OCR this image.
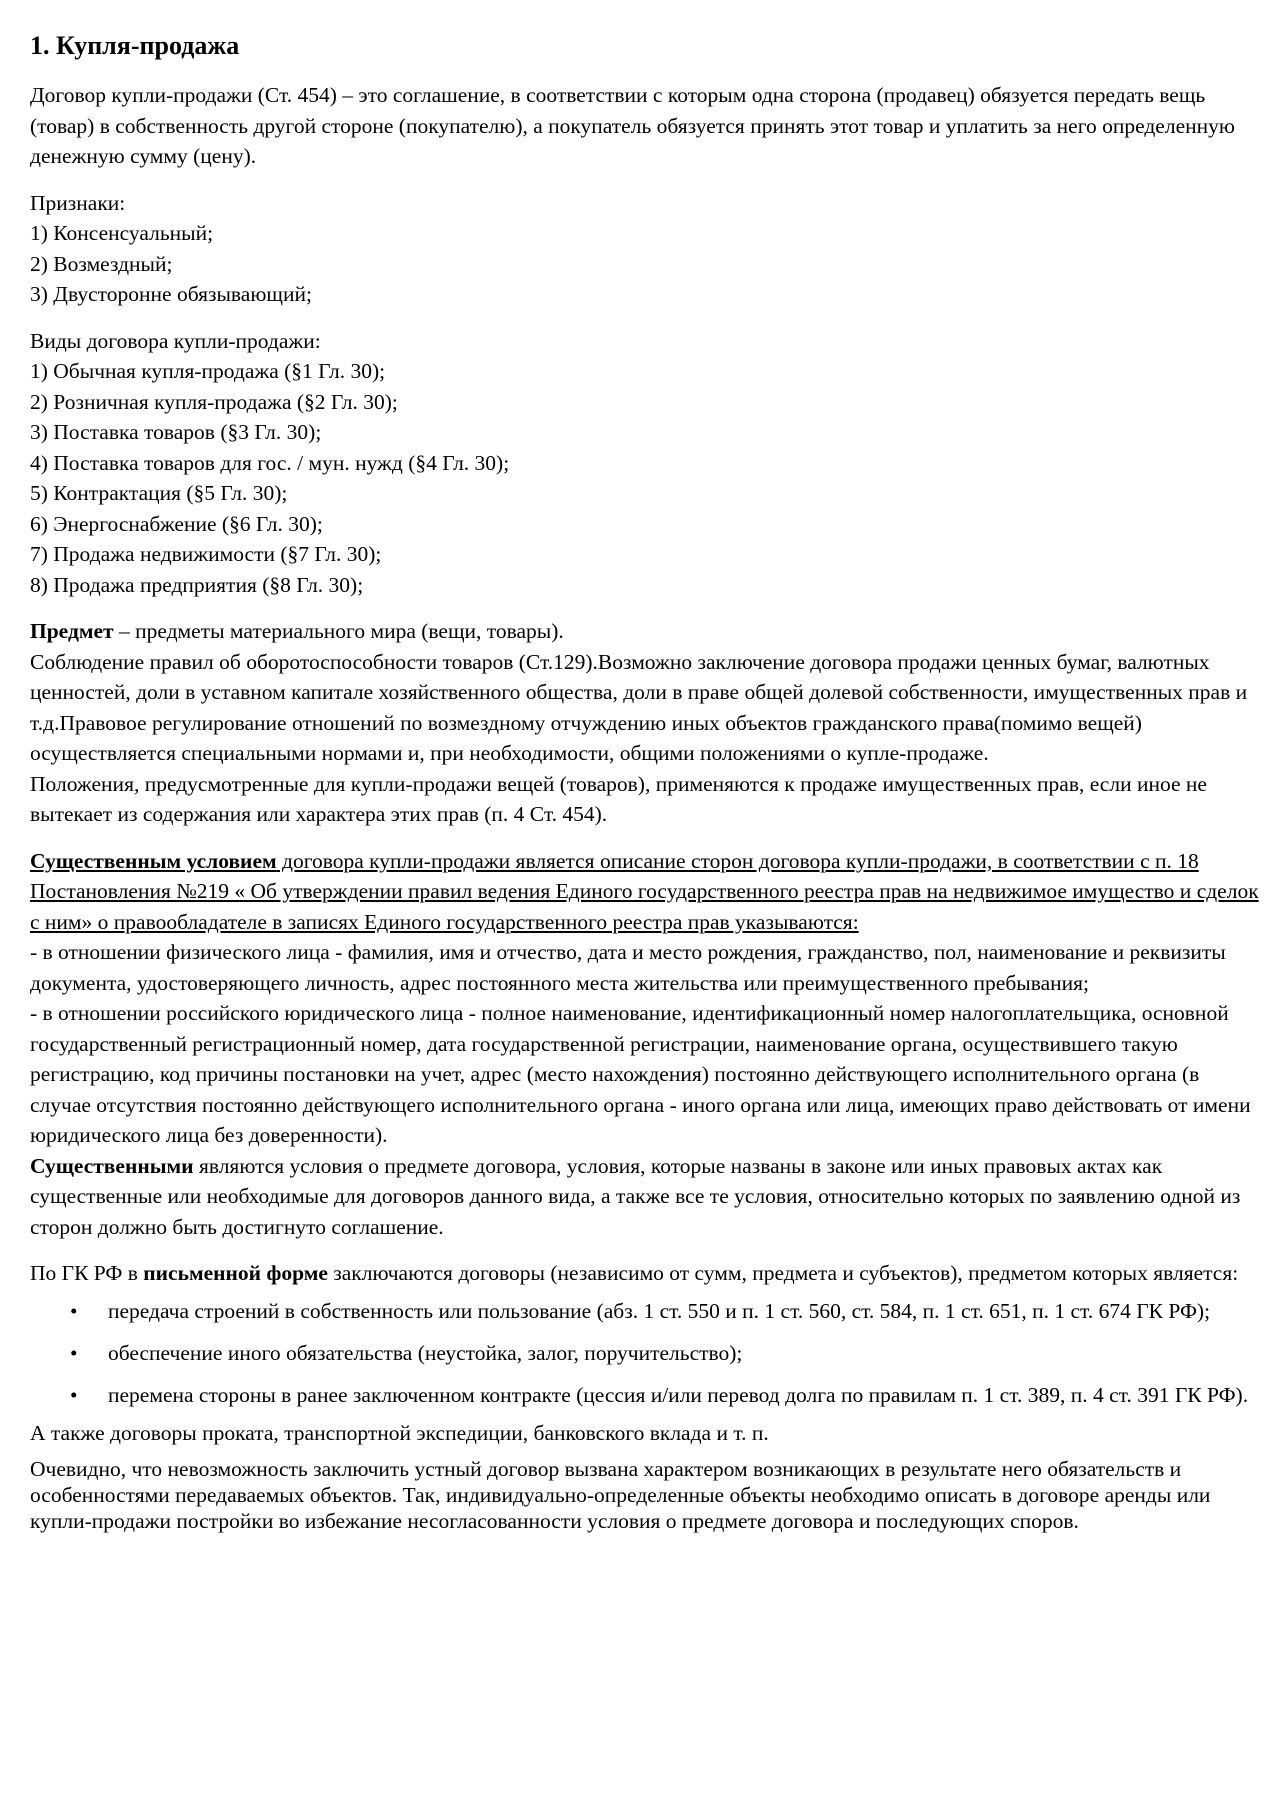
1. Купля-продажа

Договор купли-продажи (Ст. 454) – это соглашение, в соответствии с которым одна сторона (продавец) обязуется передать вещь (товар) в собственность другой стороне (покупателю), а покупатель обязуется принять этот товар и уплатить за него определенную денежную сумму (цену).

Признаки:
1) Консенсуальный;
2) Возмездный;
3) Двусторонне обязывающий;
Виды договора купли-продажи:
1) Обычная купля-продажа (§1 Гл. 30);
2) Розничная купля-продажа (§2 Гл. 30);
3) Поставка товаров (§3 Гл. 30);
4) Поставка товаров для гос. / мун. нужд (§4 Гл. 30);
5) Контрактация (§5 Гл. 30);
6) Энергоснабжение (§6 Гл. 30);
7) Продажа недвижимости (§7 Гл. 30);
8) Продажа предприятия (§8 Гл. 30);

Предмет – предметы материального мира (вещи, товары).

Соблюдение правил об оборотоспособности товаров (Ст.129).Возможно заключение договора продажи ценных бумаг, валютных ценностей, доли в уставном капитале хозяйственного общества, доли в праве общей долевой собственности, имущественных прав и т.д.Правовое регулирование отношений по возмездному отчуждению иных объектов гражданского права(помимо вещей) осуществляется специальными нормами и, при необходимости, общими положениями о купле-продаже.

Положения, предусмотренные для купли-продажи вещей (товаров), применяются к продаже имущественных прав, если иное не вытекает из содержания или характера этих прав (п. 4 Ст. 454).

Существенным условием договора купли-продажи является описание сторон договора купли-продажи, в соответствии с п. 18 Постановления №219 « Об утверждении правил ведения Единого государственного реестра прав на недвижимое имущество и сделок с ним» о правообладателе в записях Единого государственного реестра прав указываются:

- в отношении физического лица - фамилия, имя и отчество, дата и место рождения, гражданство, пол, наименование и реквизиты документа, удостоверяющего личность, адрес постоянного места жительства или преимущественного пребывания;

- в отношении российского юридического лица - полное наименование, идентификационный номер налогоплательщика, основной государственный регистрационный номер, дата государственной регистрации, наименование органа, осуществившего такую регистрацию, код причины постановки на учет, адрес (место нахождения) постоянно действующего исполнительного органа (в случае отсутствия постоянно действующего исполнительного органа - иного органа или лица, имеющих право действовать от имени юридического лица без доверенности).

Существенными являются условия о предмете договора, условия, которые названы в законе или иных правовых актах как существенные или необходимые для договоров данного вида, а также все те условия, относительно которых по заявлению одной из сторон должно быть достигнуто соглашение.

По ГК РФ в письменной форме заключаются договоры (независимо от сумм, предмета и субъектов), предметом которых является:

• передача строений в собственность или пользование (абз. 1 ст. 550 и п. 1 ст. 560, ст. 584, п. 1 ст. 651, п. 1 ст. 674 ГК РФ);
• обеспечение иного обязательства (неустойка, залог, поручительство);
• перемена стороны в ранее заключенном контракте (цессия и/или перевод долга по правилам п. 1 ст. 389, п. 4 ст. 391 ГК РФ).

А также договоры проката, транспортной экспедиции, банковского вклада и т. п.

Очевидно, что невозможность заключить устный договор вызвана характером возникающих в результате него обязательств и особенностями передаваемых объектов. Так, индивидуально-определенные объекты необходимо описать в договоре аренды или купли-продажи постройки во избежание несогласованности условия о предмете договора и последующих споров.
